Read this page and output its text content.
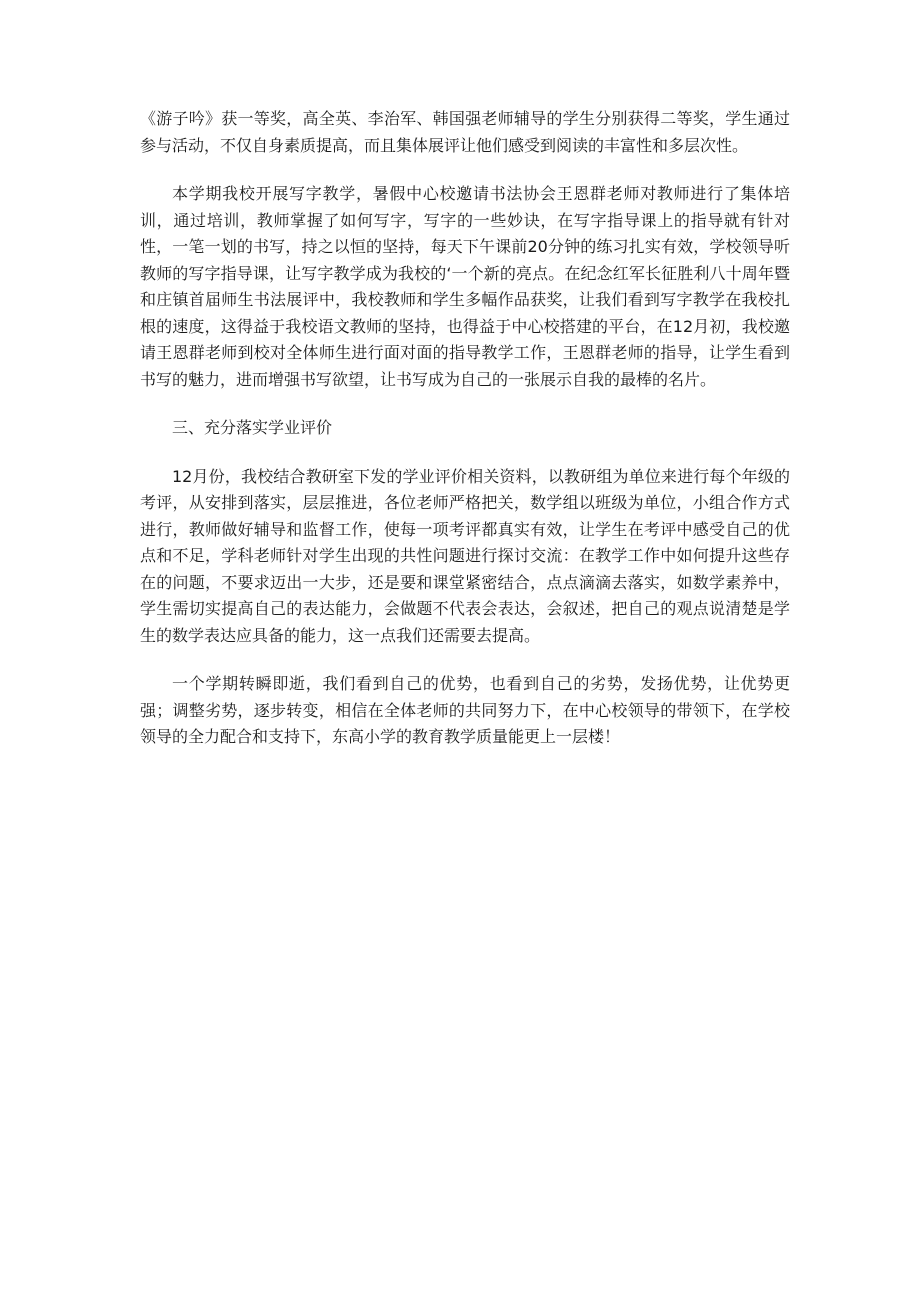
《游子吟》获一等奖，高全英、李治军、韩国强老师辅导的学生分别获得二等奖，学生通过参与活动，不仅自身素质提高，而且集体展评让他们感受到阅读的丰富性和多层次性。

本学期我校开展写字教学，暑假中心校邀请书法协会王恩群老师对教师进行了集体培训，通过培训，教师掌握了如何写字，写字的一些妙诀，在写字指导课上的指导就有针对性，一笔一划的书写，持之以恒的坚持，每天下午课前20分钟的练习扎实有效，学校领导听教师的写字指导课，让写字教学成为我校的‘一个新的亮点。在纪念红军长征胜利八十周年暨和庄镇首届师生书法展评中，我校教师和学生多幅作品获奖，让我们看到写字教学在我校扎根的速度，这得益于我校语文教师的坚持，也得益于中心校搭建的平台，在12月初，我校邀请王恩群老师到校对全体师生进行面对面的指导教学工作，王恩群老师的指导，让学生看到书写的魅力，进而增强书写欲望，让书写成为自己的一张展示自我的最棒的名片。

三、充分落实学业评价

12月份，我校结合教研室下发的学业评价相关资料，以教研组为单位来进行每个年级的考评，从安排到落实，层层推进，各位老师严格把关，数学组以班级为单位，小组合作方式进行，教师做好辅导和监督工作，使每一项考评都真实有效，让学生在考评中感受自己的优点和不足，学科老师针对学生出现的共性问题进行探讨交流：在教学工作中如何提升这些存在的问题，不要求迈出一大步，还是要和课堂紧密结合，点点滴滴去落实，如数学素养中，学生需切实提高自己的表达能力，会做题不代表会表达，会叙述，把自己的观点说清楚是学生的数学表达应具备的能力，这一点我们还需要去提高。

一个学期转瞬即逝，我们看到自己的优势，也看到自己的劣势，发扬优势，让优势更强；调整劣势，逐步转变，相信在全体老师的共同努力下，在中心校领导的带领下，在学校领导的全力配合和支持下，东高小学的教育教学质量能更上一层楼！
